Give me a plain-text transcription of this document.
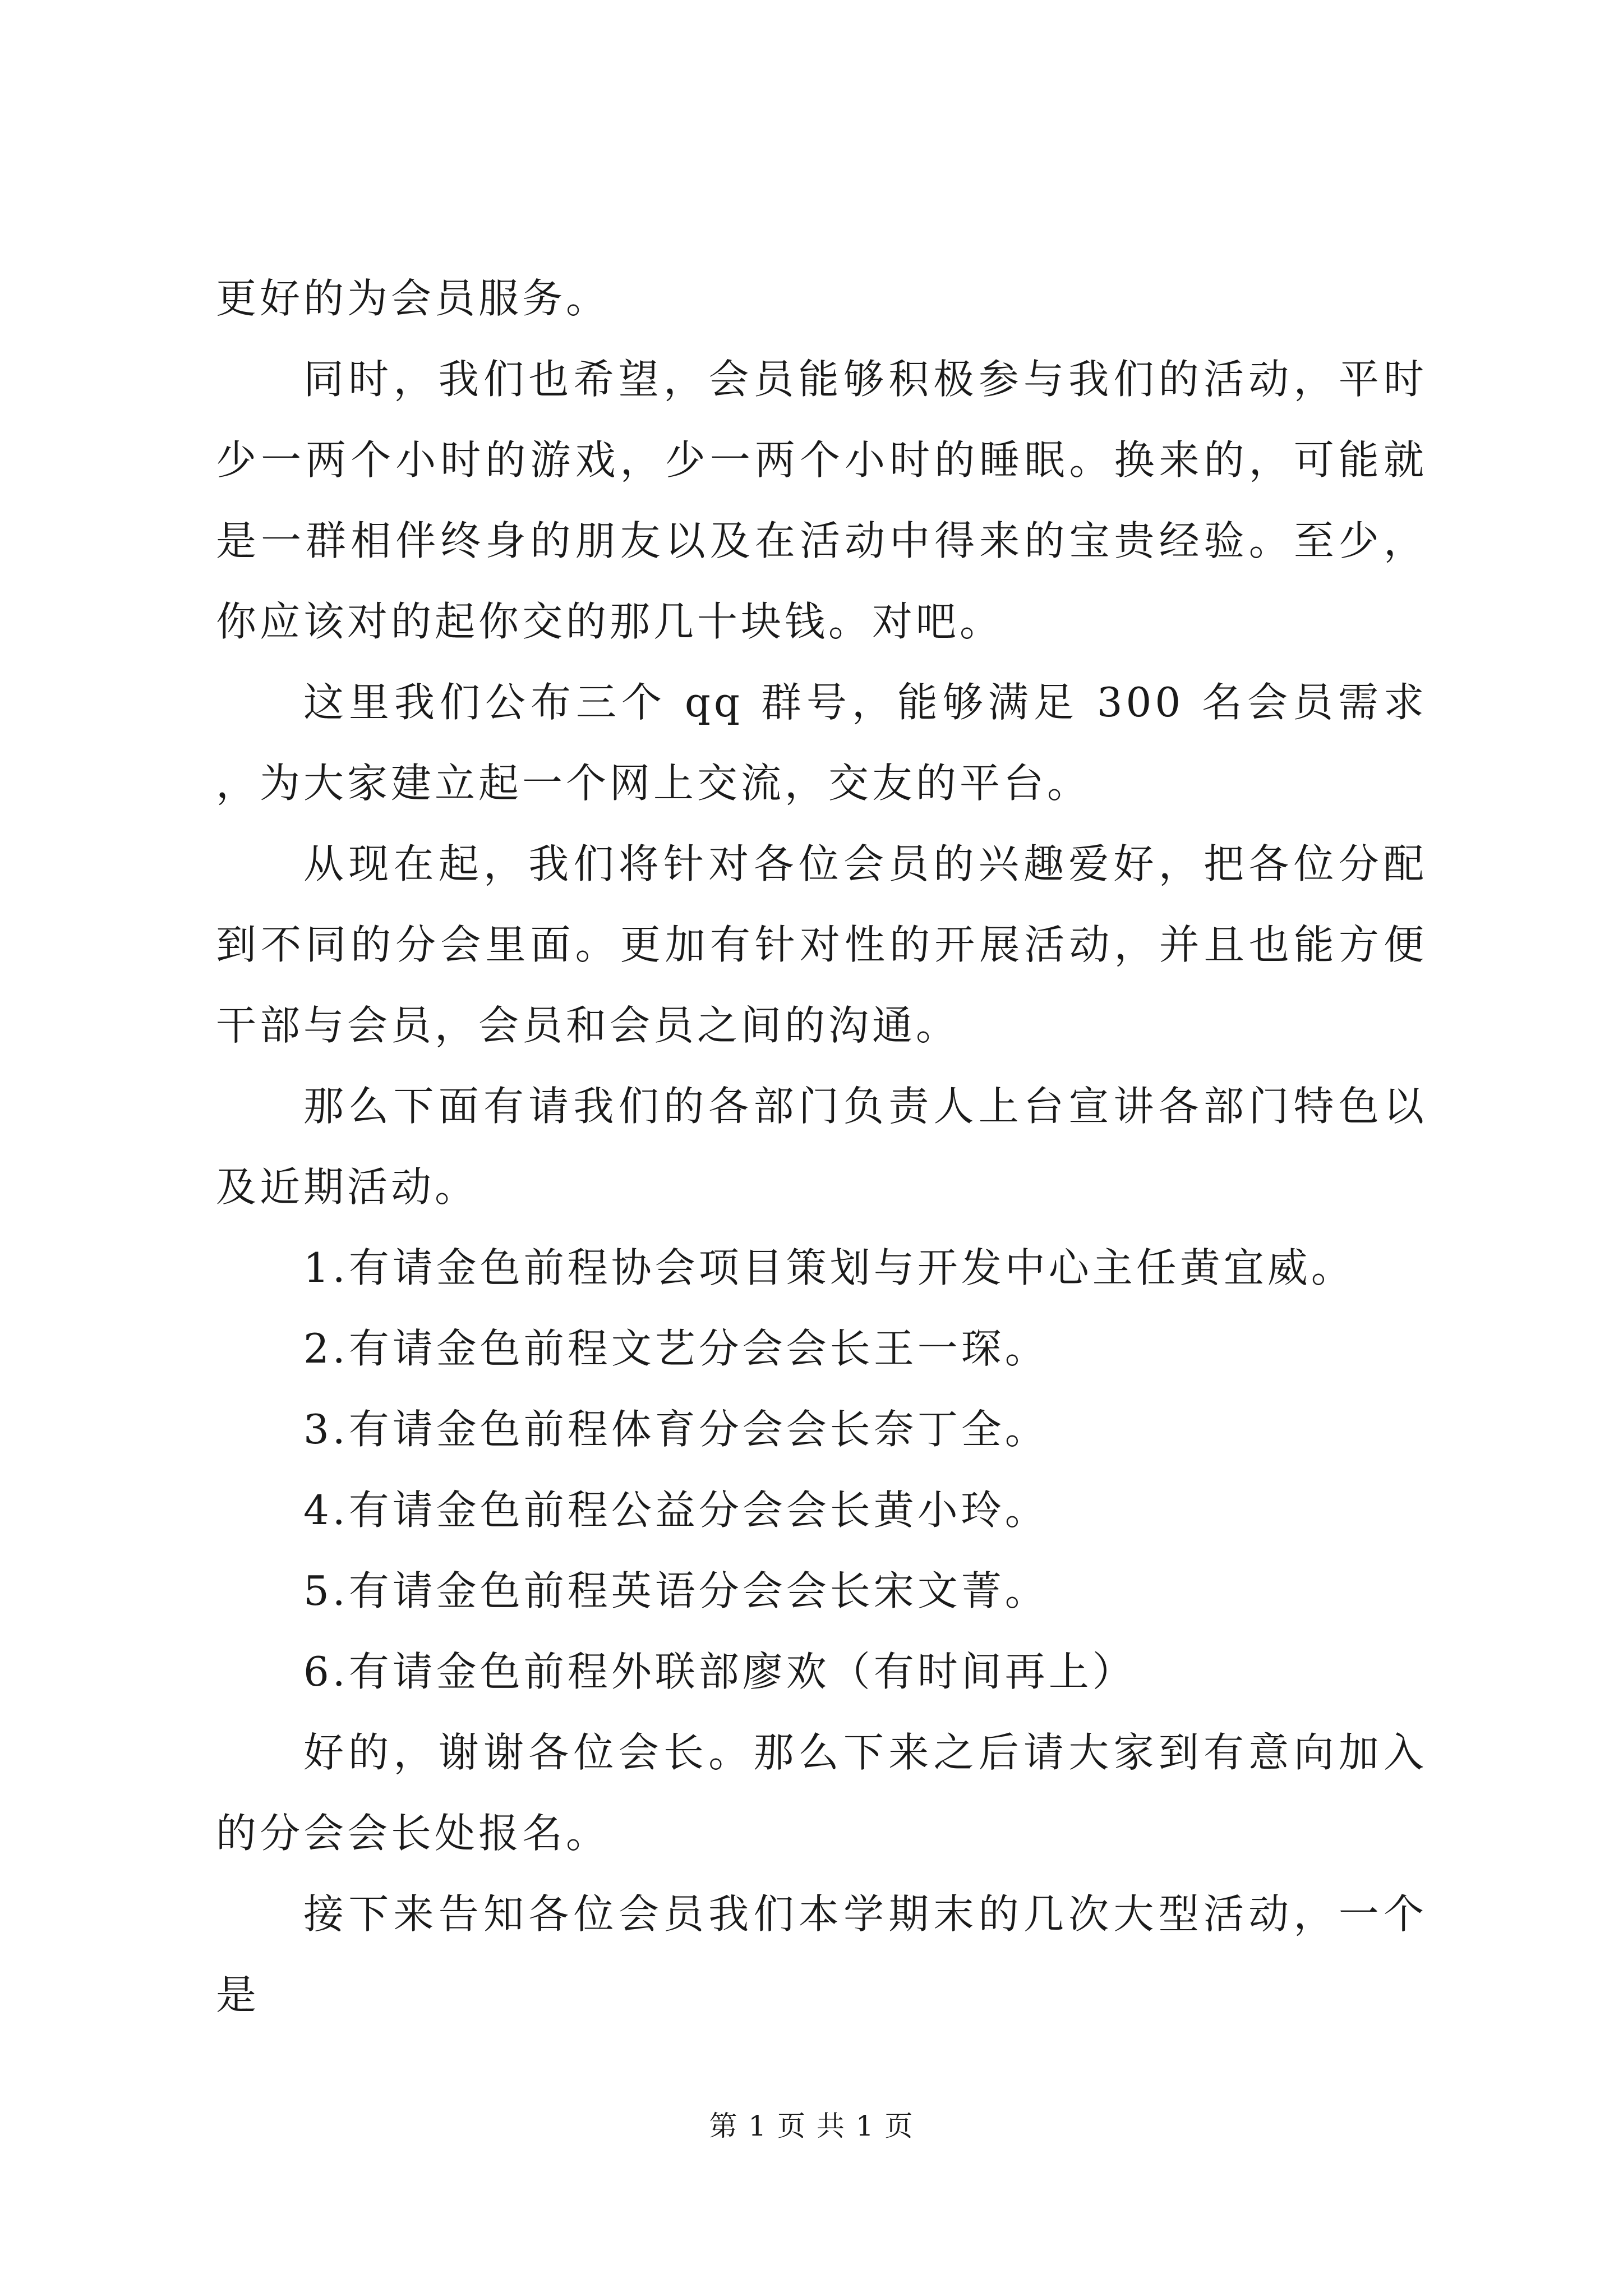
更好的为会员服务。

同时，我们也希望，会员能够积极参与我们的活动，平时少一两个小时的游戏，少一两个小时的睡眠。换来的，可能就是一群相伴终身的朋友以及在活动中得来的宝贵经验。至少，你应该对的起你交的那几十块钱。对吧。

这里我们公布三个 qq 群号，能够满足 300 名会员需求，为大家建立起一个网上交流，交友的平台。

从现在起，我们将针对各位会员的兴趣爱好，把各位分配到不同的分会里面。更加有针对性的开展活动，并且也能方便干部与会员，会员和会员之间的沟通。

那么下面有请我们的各部门负责人上台宣讲各部门特色以及近期活动。

1.有请金色前程协会项目策划与开发中心主任黄宜威。

2.有请金色前程文艺分会会长王一琛。

3.有请金色前程体育分会会长奈丁全。

4.有请金色前程公益分会会长黄小玲。

5.有请金色前程英语分会会长宋文菁。

6.有请金色前程外联部廖欢（有时间再上）

好的，谢谢各位会长。那么下来之后请大家到有意向加入的分会会长处报名。

接下来告知各位会员我们本学期末的几次大型活动，一个是

第 1 页 共 1 页
